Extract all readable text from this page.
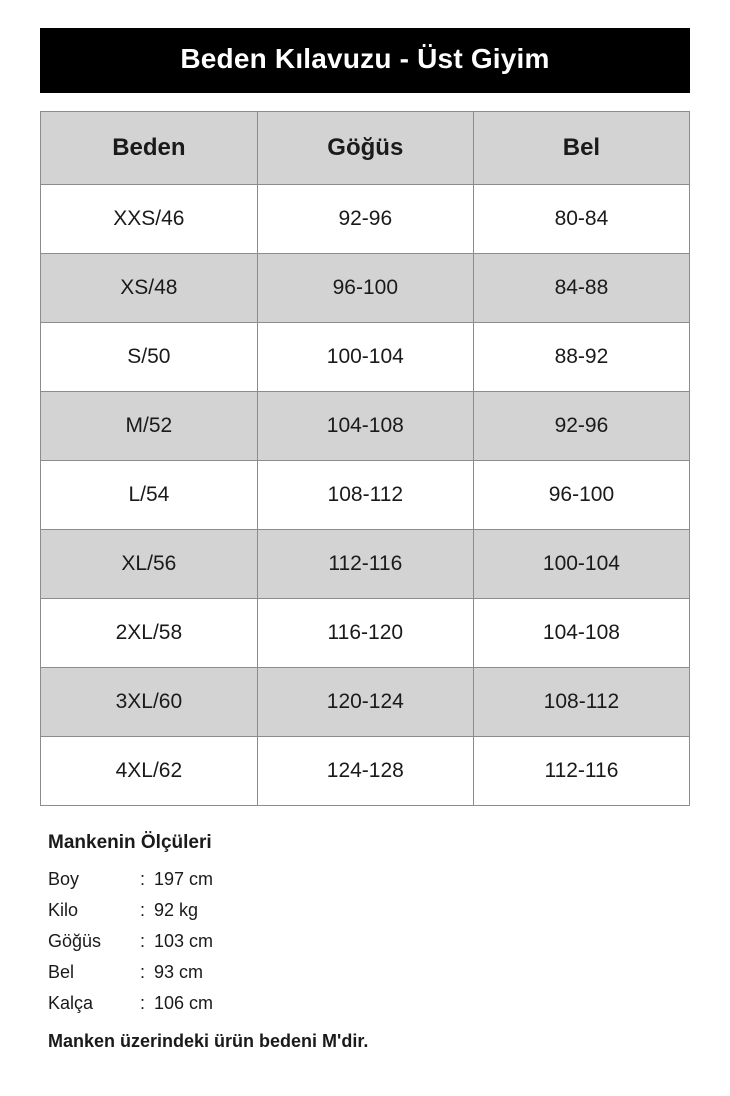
Beden Kılavuzu - Üst Giyim
Beden	Göğüs	Bel
XXS/46	92-96	80-84
XS/48	96-100	84-88
S/50	100-104	88-92
M/52	104-108	92-96
L/54	108-112	96-100
XL/56	112-116	100-104
2XL/58	116-120	104-108
3XL/60	120-124	108-112
4XL/62	124-128	112-116
Mankenin Ölçüleri
Boy	: 197 cm
Kilo	: 92 kg
Göğüs	: 103 cm
Bel	: 93 cm
Kalça	: 106 cm
Manken üzerindeki ürün bedeni M'dir.
